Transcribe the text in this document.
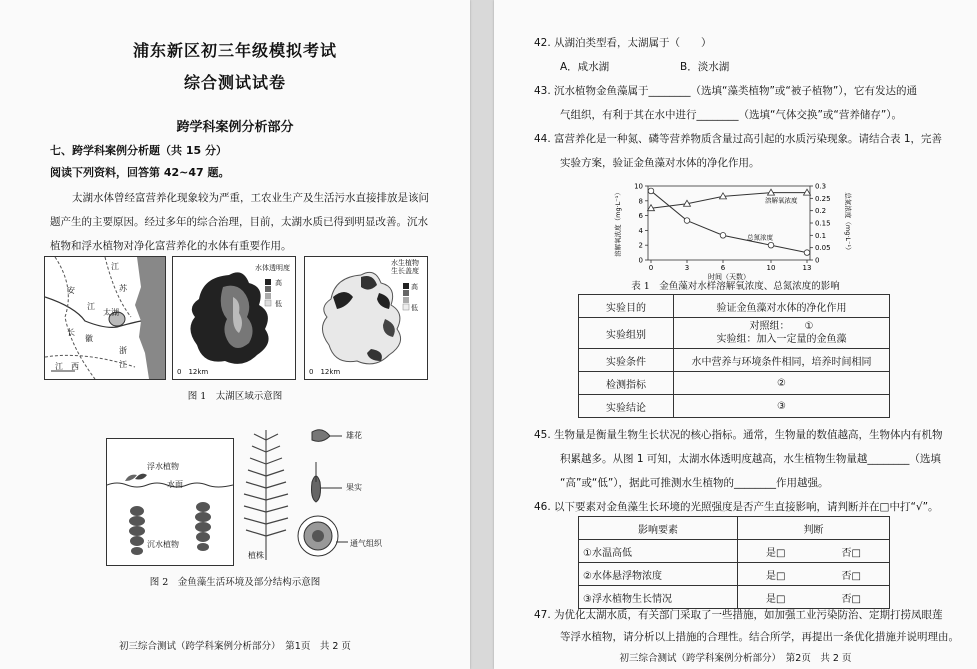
浦东新区初三年级模拟考试
综合测试试卷
跨学科案例分析部分
七、跨学科案例分析题（共 15 分）
阅读下列资料，回答第 42~47 题。
太湖水体曾经富营养化现象较为严重，工农业生产及生活污水直接排放是该问题产生的主要原因。经过多年的综合治理，目前，太湖水质已得到明显改善。沉水植物和浮水植物对净化富营养化的水体有重要作用。
江
苏
安
江
太湖
长
徽
浙
江
江　西
水体透明度
高
低
0　12km
水生植物生长盖度
高
低
0　12km
图 1　太湖区域示意图
浮水植物
水面
沉水植物
雄花
果实
植株
通气组织
图 2　金鱼藻生活环境及部分结构示意图
初三综合测试（跨学科案例分析部分）　第1页　共 2 页
42. 从湖泊类型看，太湖属于（　　）
A．咸水湖	B．淡水湖
43. 沉水植物金鱼藻属于________（选填“藻类植物”或“被子植物”），它有发达的通
气组织，有利于其在水中进行________（选填“气体交换”或“营养储存”）。
44. 富营养化是一种氮、磷等营养物质含量过高引起的水质污染现象。请结合表 1，完善
实验方案，验证金鱼藻对水体的净化作用。
0
2
4
6
8
10
0
0.05
0.1
0.15
0.2
0.25
0.3
0	3	6	10	13
时间（天数）
溶解氧浓度（mg·L⁻¹）	总氮浓度（mg·L⁻¹）
溶解氧浓度
总氮浓度
表 1　金鱼藻对水样溶解氧浓度、总氮浓度的影响
实验目的	验证金鱼藻对水体的净化作用
实验组别	对照组：　　①　　
实验组：加入一定量的金鱼藻

实验条件	水中营养与环境条件相同，培养时间相同
检测指标	②
实验结论	③
45. 生物量是衡量生物生长状况的核心指标。通常，生物量的数值越高，生物体内有机物
积累越多。从图 1 可知，太湖水体透明度越高，水生植物生物量越________（选填
“高”或“低”），据此可推测水生植物的________作用越强。
46. 以下要素对金鱼藻生长环境的光照强度是否产生直接影响，请判断并在□中打“√”。
影响要素	判断	
①水温高低	是□	否□
②水体悬浮物浓度	是□	否□
③浮水植物生长情况	是□	否□
47. 为优化太湖水质，有关部门采取了一些措施，如加强工业污染防治、定期打捞凤眼莲
等浮水植物，请分析以上措施的合理性。结合所学，再提出一条优化措施并说明理由。
初三综合测试（跨学科案例分析部分）　第2页　共 2 页
